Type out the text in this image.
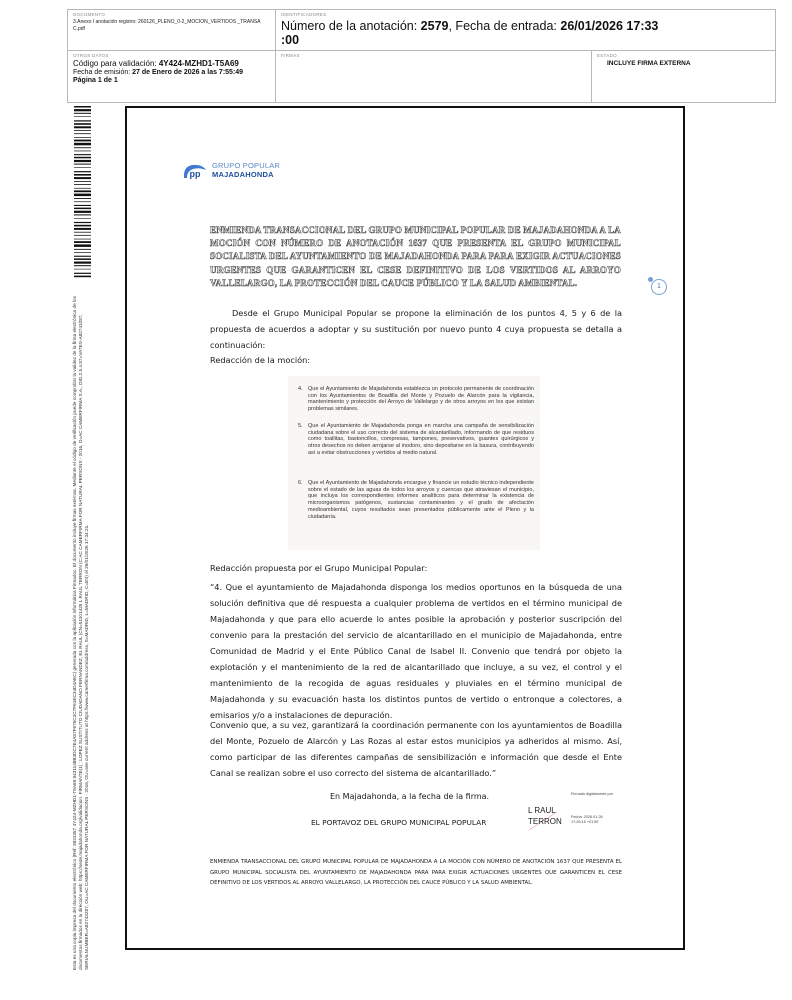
DOCUMENTO
3.Anexo I anotación registro: 260126_PLENO_0-2_MOCION_VERTIDOS _TRANSA C.pdf
IDENTIFICADORES
Número de la anotación: 2579, Fecha de entrada: 26/01/2026 17:33
:00
OTROS DATOS
Código para validación: 4Y424-MZHD1-T5A69
Fecha de emisión: 27 de Enero de 2026 a las 7:55:49
Página 1 de 1
FIRMAS	ESTADO
INCLUYE FIRMA EXTERNA
Esta es una copia impresa del documento electrónico (Ref: 3823357 4Y424-MZHD1-T5A69 9431148B3DC7E4A57F675C2C7F61EC34D4AEC) generada con la aplicación informática Firmadoc. El documento incluye firmas externas. Mediante el código de verificación puede comprobar la validez de la firma electrónica de los documentos firmados en la dirección web: https://sede.majadahonda.org/validacion. FIRMANTE(1) : LOPEZ SUSTITUTO CIUDADANO FERNANDEZ, EL RAUL (CN=51101425 L RAUL TERRON (C:AC CAMERFIRMA FOR NATURAL PERSONS - 2016, O=AC CAMERFIRMA S.A., OID.2.5.4.97=VATES-A82743287, SERIALNUMBER=A82743287, OU=AC CAMERFIRMA FOR NATURAL PERSONS - 2016, OU=see current address at https://www.camerfirma.com/address, S=MADRID, L=MADRID, C=ES) el 26/01/2026 17:34:21.
pp
GRUPO POPULAR
MAJADAHONDA
ENMIENDA TRANSACCIONAL DEL GRUPO MUNICIPAL POPULAR DE MAJADAHONDA A LA MOCIÓN CON NÚMERO DE ANOTACIÓN 1637 QUE PRESENTA EL GRUPO MUNICIPAL SOCIALISTA DEL AYUNTAMIENTO DE MAJADAHONDA PARA PARA EXIGIR ACTUACIONES URGENTES QUE GARANTICEN EL CESE DEFINITIVO DE LOS VERTIDOS AL ARROYO VALLELARGO, LA PROTECCIÓN DEL CAUCE PÚBLICO Y LA SALUD AMBIENTAL.	1
Desde el Grupo Municipal Popular se propone la eliminación de los puntos 4, 5 y 6 de la propuesta de acuerdos a adoptar y su sustitución por nuevo punto 4 cuya propuesta se detalla a continuación:
Redacción de la moción:
4. Que el Ayuntamiento de Majadahonda establezca un protocolo permanente de coordinación con los Ayuntamientos de Boadilla del Monte y Pozuelo de Alarcón para la vigilancia, mantenimiento y protección del Arroyo de Vallelargo y de otros arroyos en los que existan problemas similares.
5. Que el Ayuntamiento de Majadahonda ponga en marcha una campaña de sensibilización ciudadana sobre el uso correcto del sistema de alcantarillado, informando de que residuos como toallitas, bastoncillos, compresas, tampones, preservativos, guantes quirúrgicos y otros desechos no deben arrojarse al inodoro, sino depositarse en la basura, contribuyendo así a evitar obstrucciones y vertidos al medio natural.
6. Que el Ayuntamiento de Majadahonda encargue y financie un estudio técnico independiente sobre el estado de las aguas de todos los arroyos y cuencas que atraviesan el municipio, que incluya los correspondientes informes analíticos para determinar la existencia de microorganismos patógenos, sustancias contaminantes y el grado de afectación medioambiental, cuyos resultados sean presentados públicamente ante el Pleno y la ciudadanía.
Redacción propuesta por el Grupo Municipal Popular:
“4. Que el ayuntamiento de Majadahonda disponga los medios oportunos en la búsqueda de una solución definitiva que dé respuesta a cualquier problema de vertidos en el término municipal de Majadahonda y que para ello acuerde lo antes posible la aprobación y posterior suscripción del convenio para la prestación del servicio de alcantarillado en el municipio de Majadahonda, entre Comunidad de Madrid y el Ente Público Canal de Isabel II. Convenio que tendrá por objeto la explotación y el mantenimiento de la red de alcantarillado que incluye, a su vez, el control y el mantenimiento de la recogida de aguas residuales y pluviales en el término municipal de Majadahonda y su evacuación hasta los distintos puntos de vertido o entronque a colectores, a emisarios y/o a instalaciones de depuración.
Convenio que, a su vez, garantizará la coordinación permanente con los ayuntamientos de Boadilla del Monte, Pozuelo de Alarcón y Las Rozas al estar estos municipios ya adheridos al mismo. Así, como participar de las diferentes campañas de sensibilización e información que desde el Ente Canal se realizan sobre el uso correcto del sistema de alcantarillado.”
En Majadahonda, a la fecha de la firma.
EL PORTAVOZ DEL GRUPO MUNICIPAL POPULAR
L RAUL
TERRON
Firmado digitalmente por
Fecha: 2026.01.26 17:26:16 +01'00'
ENMIENDA TRANSACCIONAL DEL GRUPO MUNICIPAL POPULAR DE MAJADAHONDA A LA MOCIÓN CON NÚMERO DE ANOTACIÓN 1637 QUE PRESENTA EL GRUPO MUNICIPAL SOCIALISTA DEL AYUNTAMIENTO DE MAJADAHONDA PARA PARA EXIGIR ACTUACIONES URGENTES QUE GARANTICEN EL CESE DEFINITIVO DE LOS VERTIDOS AL ARROYO VALLELARGO, LA PROTECCIÓN DEL CAUCE PÚBLICO Y LA SALUD AMBIENTAL.
